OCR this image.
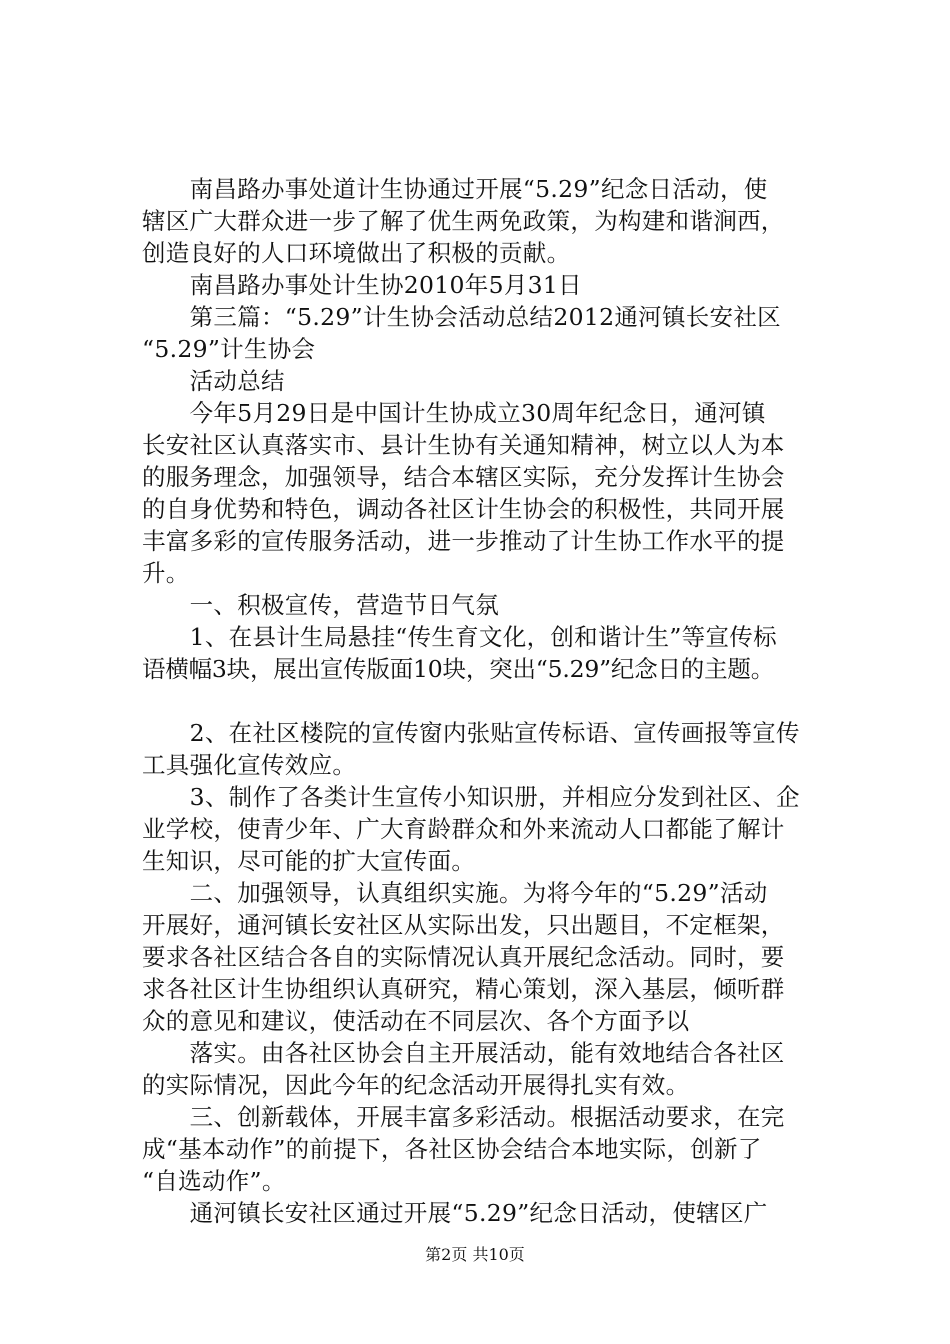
　　南昌路办事处道计生协通过开展“5.29”纪念日活动，使
辖区广大群众进一步了解了优生两免政策，为构建和谐涧西，
创造良好的人口环境做出了积极的贡献。
　　南昌路办事处计生协2010年5月31日
　　第三篇：“5.29”计生协会活动总结2012通河镇长安社区
“5.29”计生协会
　　活动总结
　　今年5月29日是中国计生协成立30周年纪念日，通河镇
长安社区认真落实市、县计生协有关通知精神，树立以人为本
的服务理念，加强领导，结合本辖区实际，充分发挥计生协会
的自身优势和特色，调动各社区计生协会的积极性，共同开展
丰富多彩的宣传服务活动，进一步推动了计生协工作水平的提
升。
　　一、积极宣传，营造节日气氛
　　1、在县计生局悬挂“传生育文化，创和谐计生”等宣传标
语横幅3块，展出宣传版面10块，突出“5.29”纪念日的主题。
　　2、在社区楼院的宣传窗内张贴宣传标语、宣传画报等宣传
工具强化宣传效应。
　　3、制作了各类计生宣传小知识册，并相应分发到社区、企
业学校，使青少年、广大育龄群众和外来流动人口都能了解计
生知识，尽可能的扩大宣传面。
　　二、加强领导，认真组织实施。为将今年的“5.29”活动
开展好，通河镇长安社区从实际出发，只出题目，不定框架，
要求各社区结合各自的实际情况认真开展纪念活动。同时，要
求各社区计生协组织认真研究，精心策划，深入基层，倾听群
众的意见和建议，使活动在不同层次、各个方面予以
　　落实。由各社区协会自主开展活动，能有效地结合各社区
的实际情况，因此今年的纪念活动开展得扎实有效。
　　三、创新载体，开展丰富多彩活动。根据活动要求，在完
成“基本动作”的前提下，各社区协会结合本地实际，创新了
“自选动作”。
　　通河镇长安社区通过开展“5.29”纪念日活动，使辖区广
第2页 共10页
